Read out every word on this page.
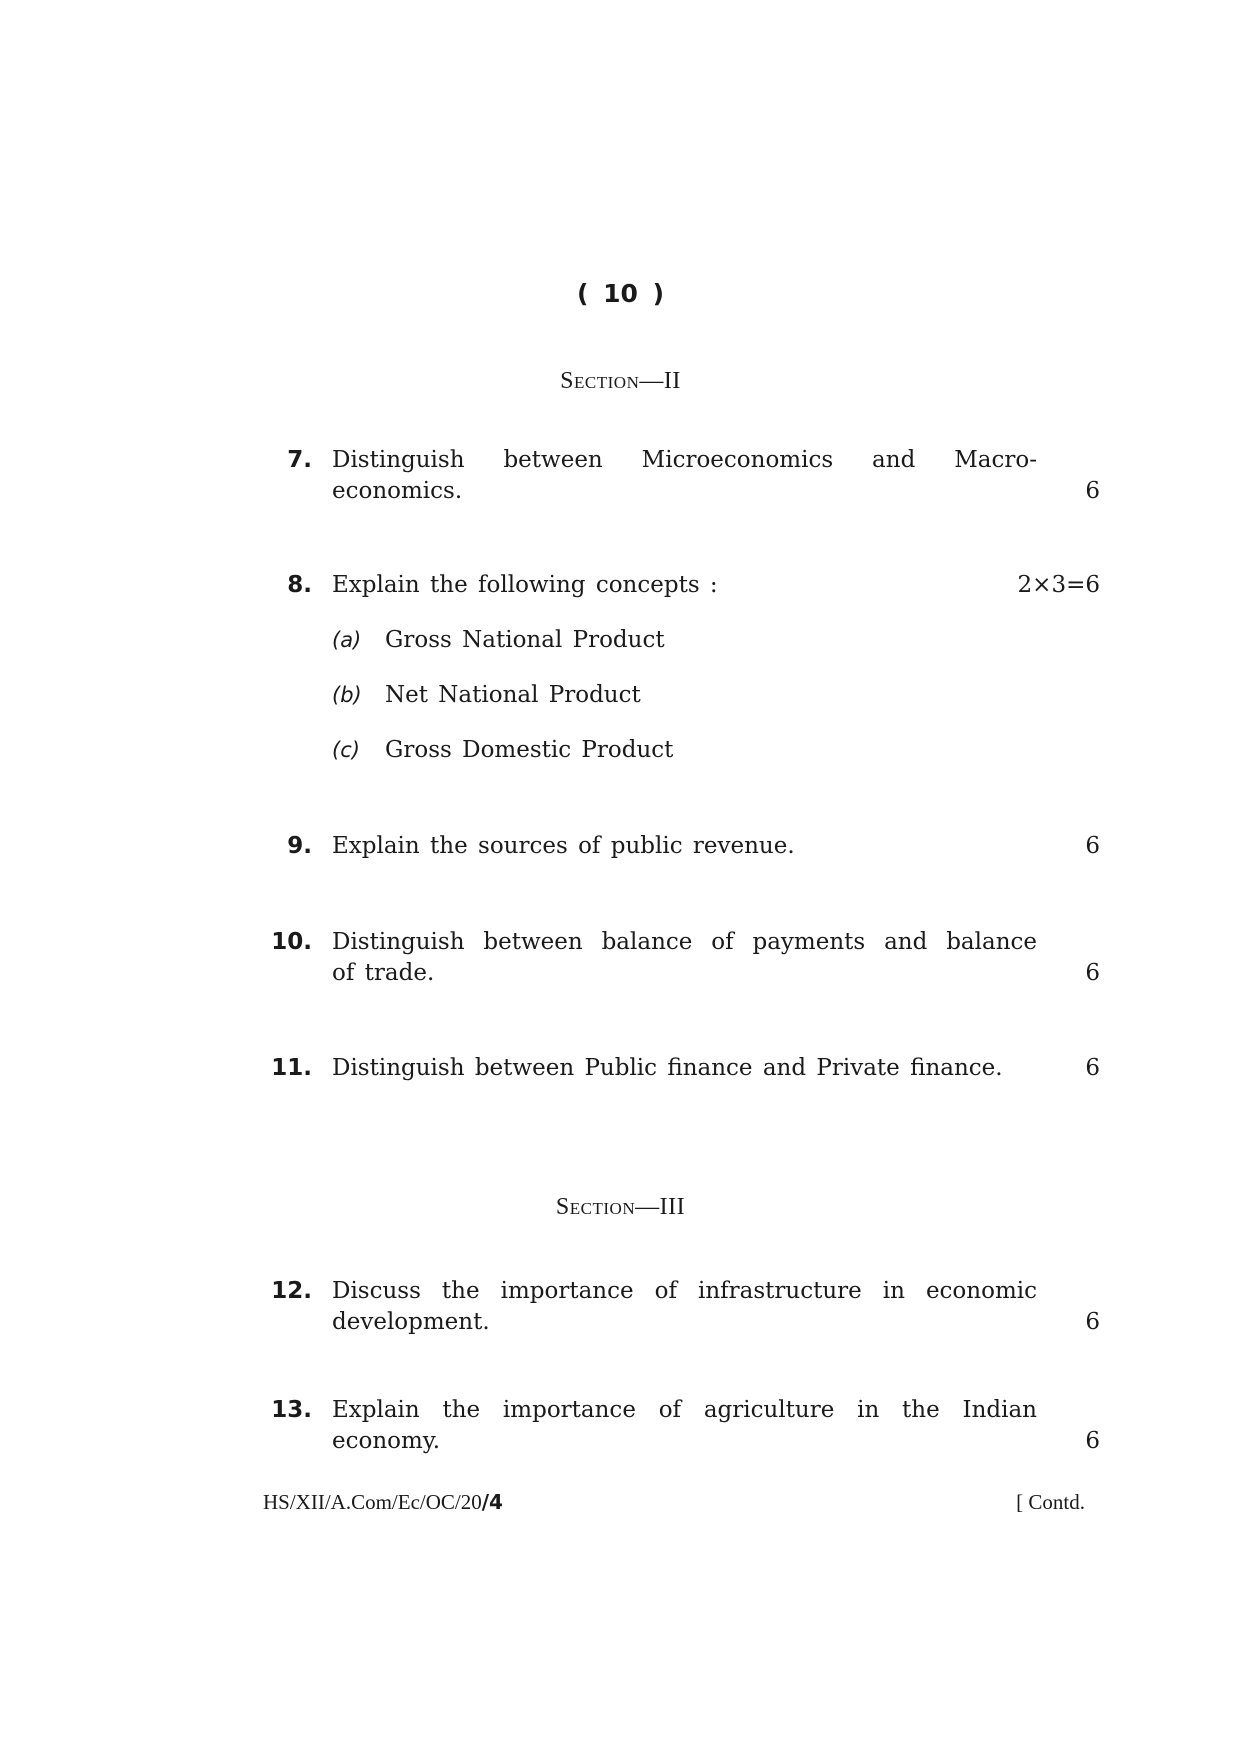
( 10 )
Section—II
7. Distinguish between Microeconomics and Macro-
economics.	6
8. Explain the following concepts :	2×3=6
(a) Gross National Product
(b) Net National Product
(c) Gross Domestic Product
9. Explain the sources of public revenue.	6
10. Distinguish between balance of payments and balance
of trade.	6
11. Distinguish between Public finance and Private finance.	6
Section—III
12. Discuss the importance of infrastructure in economic
development.	6
13. Explain the importance of agriculture in the Indian
economy.	6
HS/XII/A.Com/Ec/OC/20/4	[ Contd.
